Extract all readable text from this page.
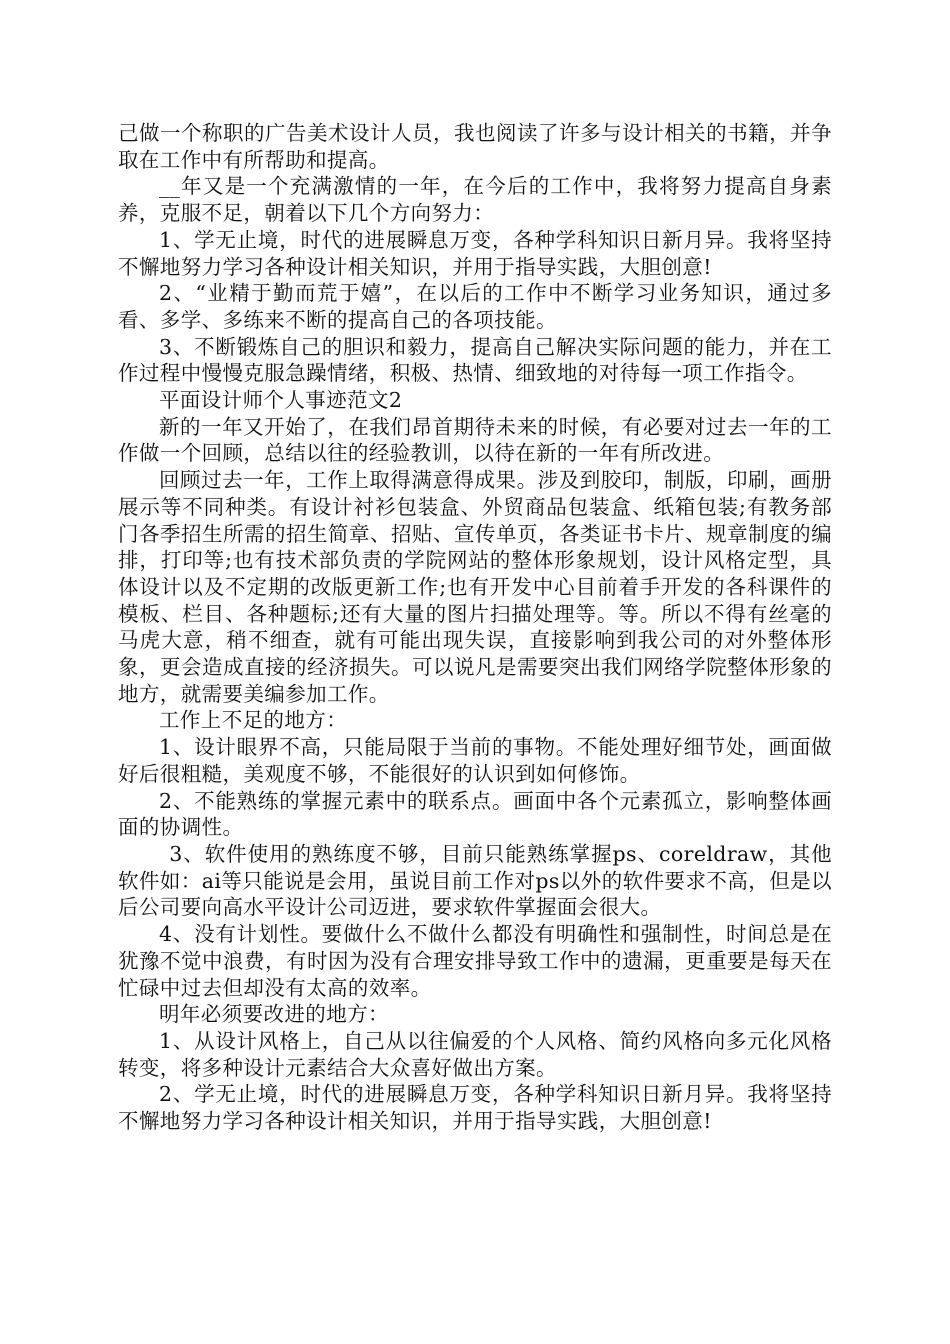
己做一个称职的广告美术设计人员，我也阅读了许多与设计相关的书籍，并争取在工作中有所帮助和提高。

__年又是一个充满激情的一年，在今后的工作中，我将努力提高自身素养，克服不足，朝着以下几个方向努力：

1、学无止境，时代的进展瞬息万变，各种学科知识日新月异。我将坚持不懈地努力学习各种设计相关知识，并用于指导实践，大胆创意!

2、“业精于勤而荒于嬉”，在以后的工作中不断学习业务知识，通过多看、多学、多练来不断的提高自己的各项技能。

3、不断锻炼自己的胆识和毅力，提高自己解决实际问题的能力，并在工作过程中慢慢克服急躁情绪，积极、热情、细致地的对待每一项工作指令。

平面设计师个人事迹范文2

新的一年又开始了，在我们昂首期待未来的时候，有必要对过去一年的工作做一个回顾，总结以往的经验教训，以待在新的一年有所改进。

回顾过去一年，工作上取得满意得成果。涉及到胶印，制版，印刷，画册展示等不同种类。有设计衬衫包装盒、外贸商品包装盒、纸箱包装;有教务部门各季招生所需的招生简章、招贴、宣传单页，各类证书卡片、规章制度的编排，打印等;也有技术部负责的学院网站的整体形象规划，设计风格定型，具体设计以及不定期的改版更新工作;也有开发中心目前着手开发的各科课件的模板、栏目、各种题标;还有大量的图片扫描处理等。等。所以不得有丝毫的马虎大意，稍不细查，就有可能出现失误，直接影响到我公司的对外整体形象，更会造成直接的经济损失。可以说凡是需要突出我们网络学院整体形象的地方，就需要美编参加工作。

工作上不足的地方：

1、设计眼界不高，只能局限于当前的事物。不能处理好细节处，画面做好后很粗糙，美观度不够，不能很好的认识到如何修饰。

2、不能熟练的掌握元素中的联系点。画面中各个元素孤立，影响整体画面的协调性。

3、软件使用的熟练度不够，目前只能熟练掌握ps、coreldraw，其他软件如：ai等只能说是会用，虽说目前工作对ps以外的软件要求不高，但是以后公司要向高水平设计公司迈进，要求软件掌握面会很大。

4、没有计划性。要做什么不做什么都没有明确性和强制性，时间总是在犹豫不觉中浪费，有时因为没有合理安排导致工作中的遗漏，更重要是每天在忙碌中过去但却没有太高的效率。

明年必须要改进的地方：

1、从设计风格上，自己从以往偏爱的个人风格、简约风格向多元化风格转变，将多种设计元素结合大众喜好做出方案。

2、学无止境，时代的进展瞬息万变，各种学科知识日新月异。我将坚持不懈地努力学习各种设计相关知识，并用于指导实践，大胆创意!
